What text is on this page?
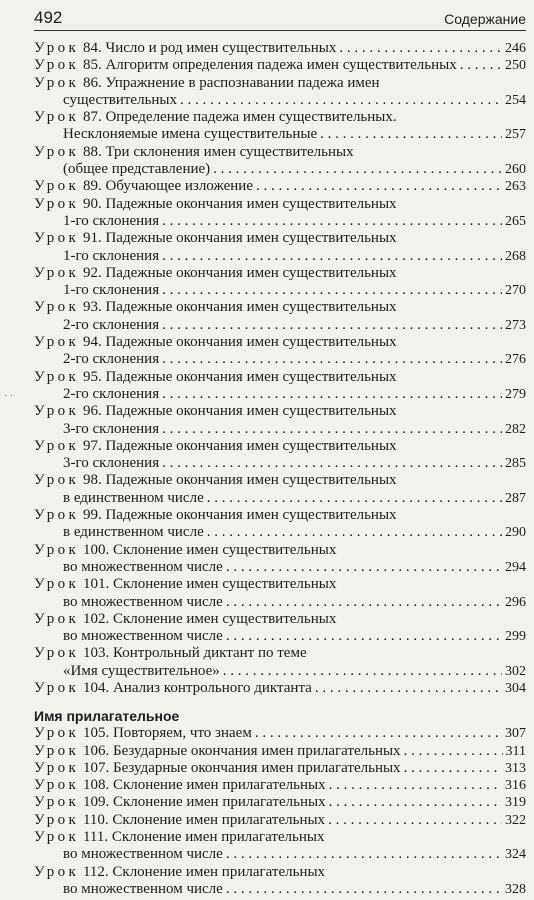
492	Содержание
˙ ˙
Урок
84.
Число и род имен существительных . . .	246
Урок
85.
Алгоритм определения падежа имен существительных . . .	250
Урок
86.
Упражнение в распознавании падежа имен
существительных . . .	254
Урок
87.
Определение падежа имен существительных.
Несклоняемые имена существительные . . .	257
Урок
88.
Три склонения имен существительных
(общее представление) . . .	260
Урок
89.
Обучающее изложение . . .	263
Урок
90.
Падежные окончания имен существительных
1-го склонения . . .	265
Урок
91.
Падежные окончания имен существительных
1-го склонения . . .	268
Урок
92.
Падежные окончания имен существительных
1-го склонения . . .	270
Урок
93.
Падежные окончания имен существительных
2-го склонения . . .	273
Урок
94.
Падежные окончания имен существительных
2-го склонения . . .	276
Урок
95.
Падежные окончания имен существительных
2-го склонения . . .	279
Урок
96.
Падежные окончания имен существительных
3-го склонения . . .	282
Урок
97.
Падежные окончания имен существительных
3-го склонения . . .	285
Урок
98.
Падежные окончания имен существительных
в единственном числе . . .	287
Урок
99.
Падежные окончания имен существительных
в единственном числе . . .	290
Урок
100.
Склонение имен существительных
во множественном числе . . .	294
Урок
101.
Склонение имен существительных
во множественном числе . . .	296
Урок
102.
Склонение имен существительных
во множественном числе . . .	299
Урок
103.
Контрольный диктант по теме
«Имя существительное» . . .	302
Урок
104.
Анализ контрольного диктанта . . .	304
Имя прилагательное
Урок
105.
Повторяем, что знаем . . .	307
Урок
106.
Безударные окончания имен прилагательных . . .	311
Урок
107.
Безударные окончания имен прилагательных . . .	313
Урок
108.
Склонение имен прилагательных . . .	316
Урок
109.
Склонение имен прилагательных . . .	319
Урок
110.
Склонение имен прилагательных . . .	322
Урок
111.
Склонение имен прилагательных
во множественном числе . . .	324
Урок
112.
Склонение имен прилагательных
во множественном числе . . .	328
